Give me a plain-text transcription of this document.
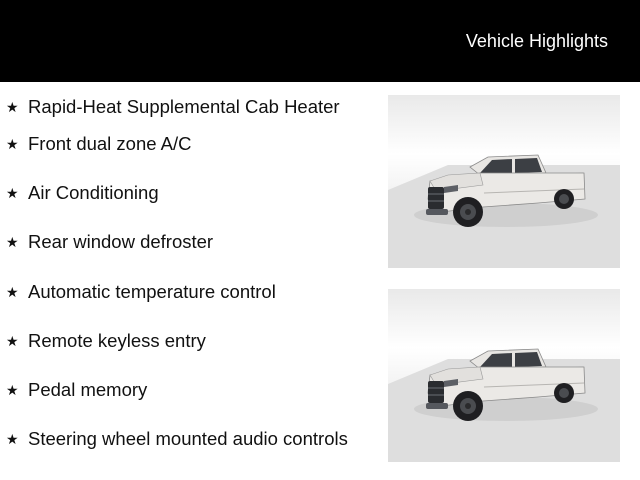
Vehicle Highlights
★ Rapid-Heat Supplemental Cab Heater
★ Front dual zone A/C
★ Air Conditioning
★ Rear window defroster
★ Automatic temperature control
★ Remote keyless entry
★ Pedal memory
★ Steering wheel mounted audio controls
